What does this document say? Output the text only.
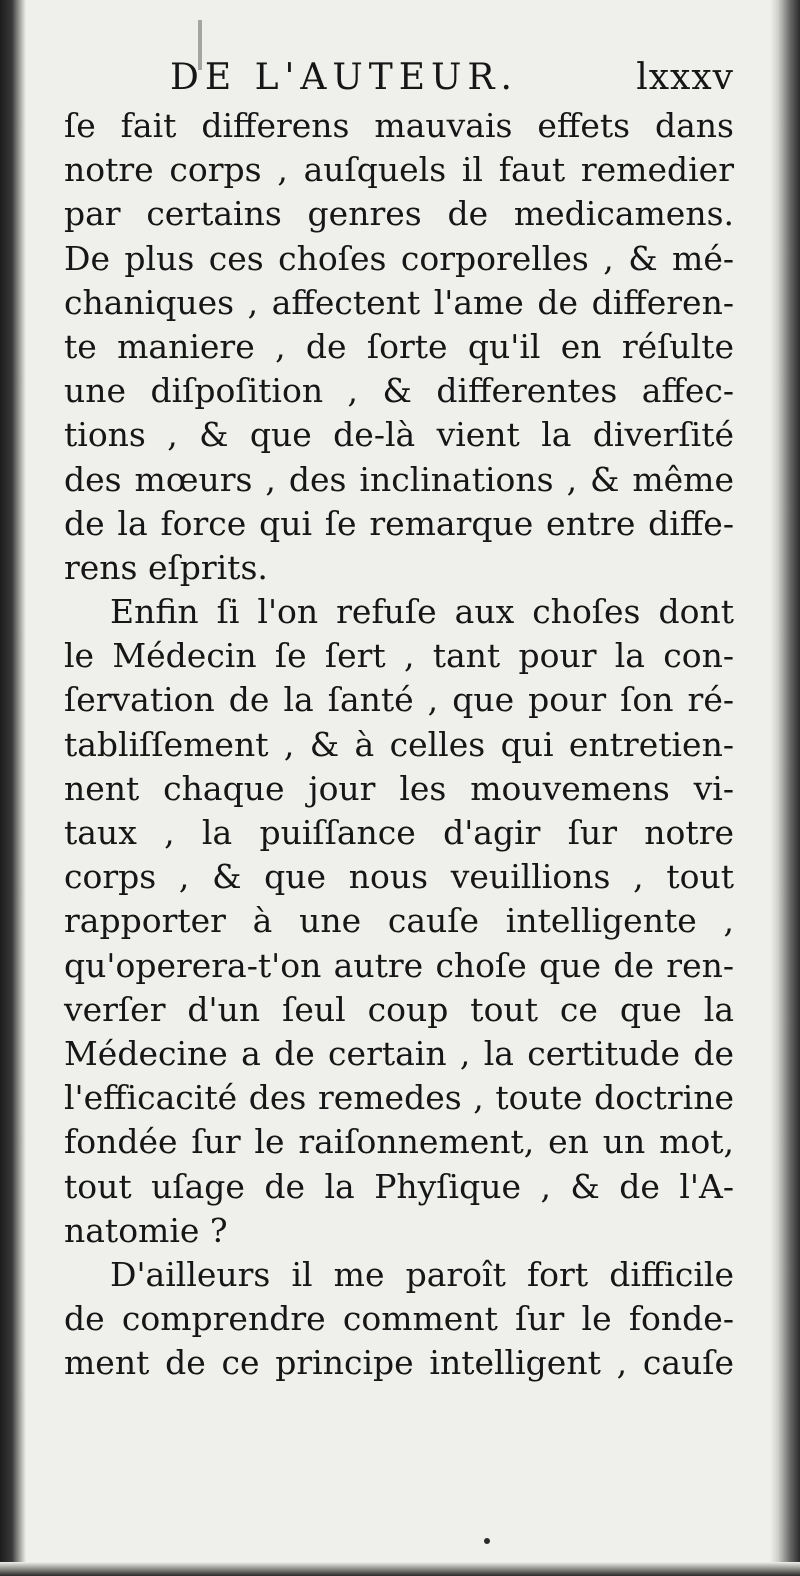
DE L'AUTEUR.	lxxxv
ſe fait differens mauvais effets dans
notre corps , auſquels il faut remedier
par certains genres de medicamens.
De plus ces choſes corporelles , & mé-
chaniques , affectent l'ame de differen-
te maniere , de ſorte qu'il en réſulte
une diſpoſition , & differentes affec-
tions , & que de-là vient la diverſité
des mœurs , des inclinations , & même
de la force qui ſe remarque entre diffe-
rens eſprits.
Enfin ſi l'on refuſe aux choſes dont
le Médecin ſe ſert , tant pour la con-
ſervation de la ſanté , que pour ſon ré-
tabliſſement , & à celles qui entretien-
nent chaque jour les mouvemens vi-
taux , la puiſſance d'agir ſur notre
corps , & que nous veuillions , tout
rapporter à une cauſe intelligente ,
qu'operera-t'on autre choſe que de ren-
verſer d'un ſeul coup tout ce que la
Médecine a de certain , la certitude de
l'efficacité des remedes , toute doctrine
fondée ſur le raiſonnement, en un mot,
tout uſage de la Phyſique , & de l'A-
natomie ?
D'ailleurs il me paroît fort difficile
de comprendre comment ſur le fonde-
ment de ce principe intelligent , cauſe
